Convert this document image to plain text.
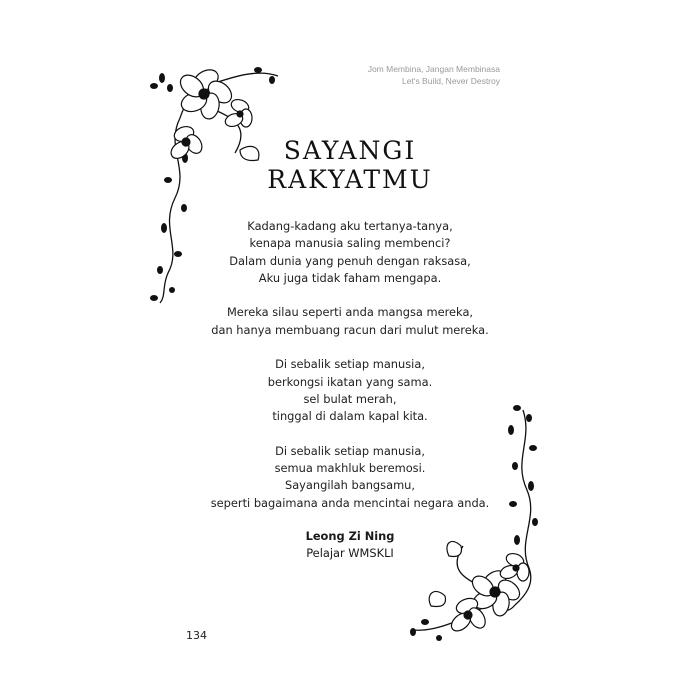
Jom Membina, Jangan Membinasa
Let's Build, Never Destroy
SAYANGI
RAKYATMU
Kadang-kadang aku tertanya-tanya,
kenapa manusia saling membenci?
Dalam dunia yang penuh dengan raksasa,
Aku juga tidak faham mengapa.
Mereka silau seperti anda mangsa mereka,
dan hanya membuang racun dari mulut mereka.
Di sebalik setiap manusia,
berkongsi ikatan yang sama.
sel bulat merah,
tinggal di dalam kapal kita.
Di sebalik setiap manusia,
semua makhluk beremosi.
Sayangilah bangsamu,
seperti bagaimana anda mencintai negara anda.
Leong Zi Ning
Pelajar WMSKLI
134
